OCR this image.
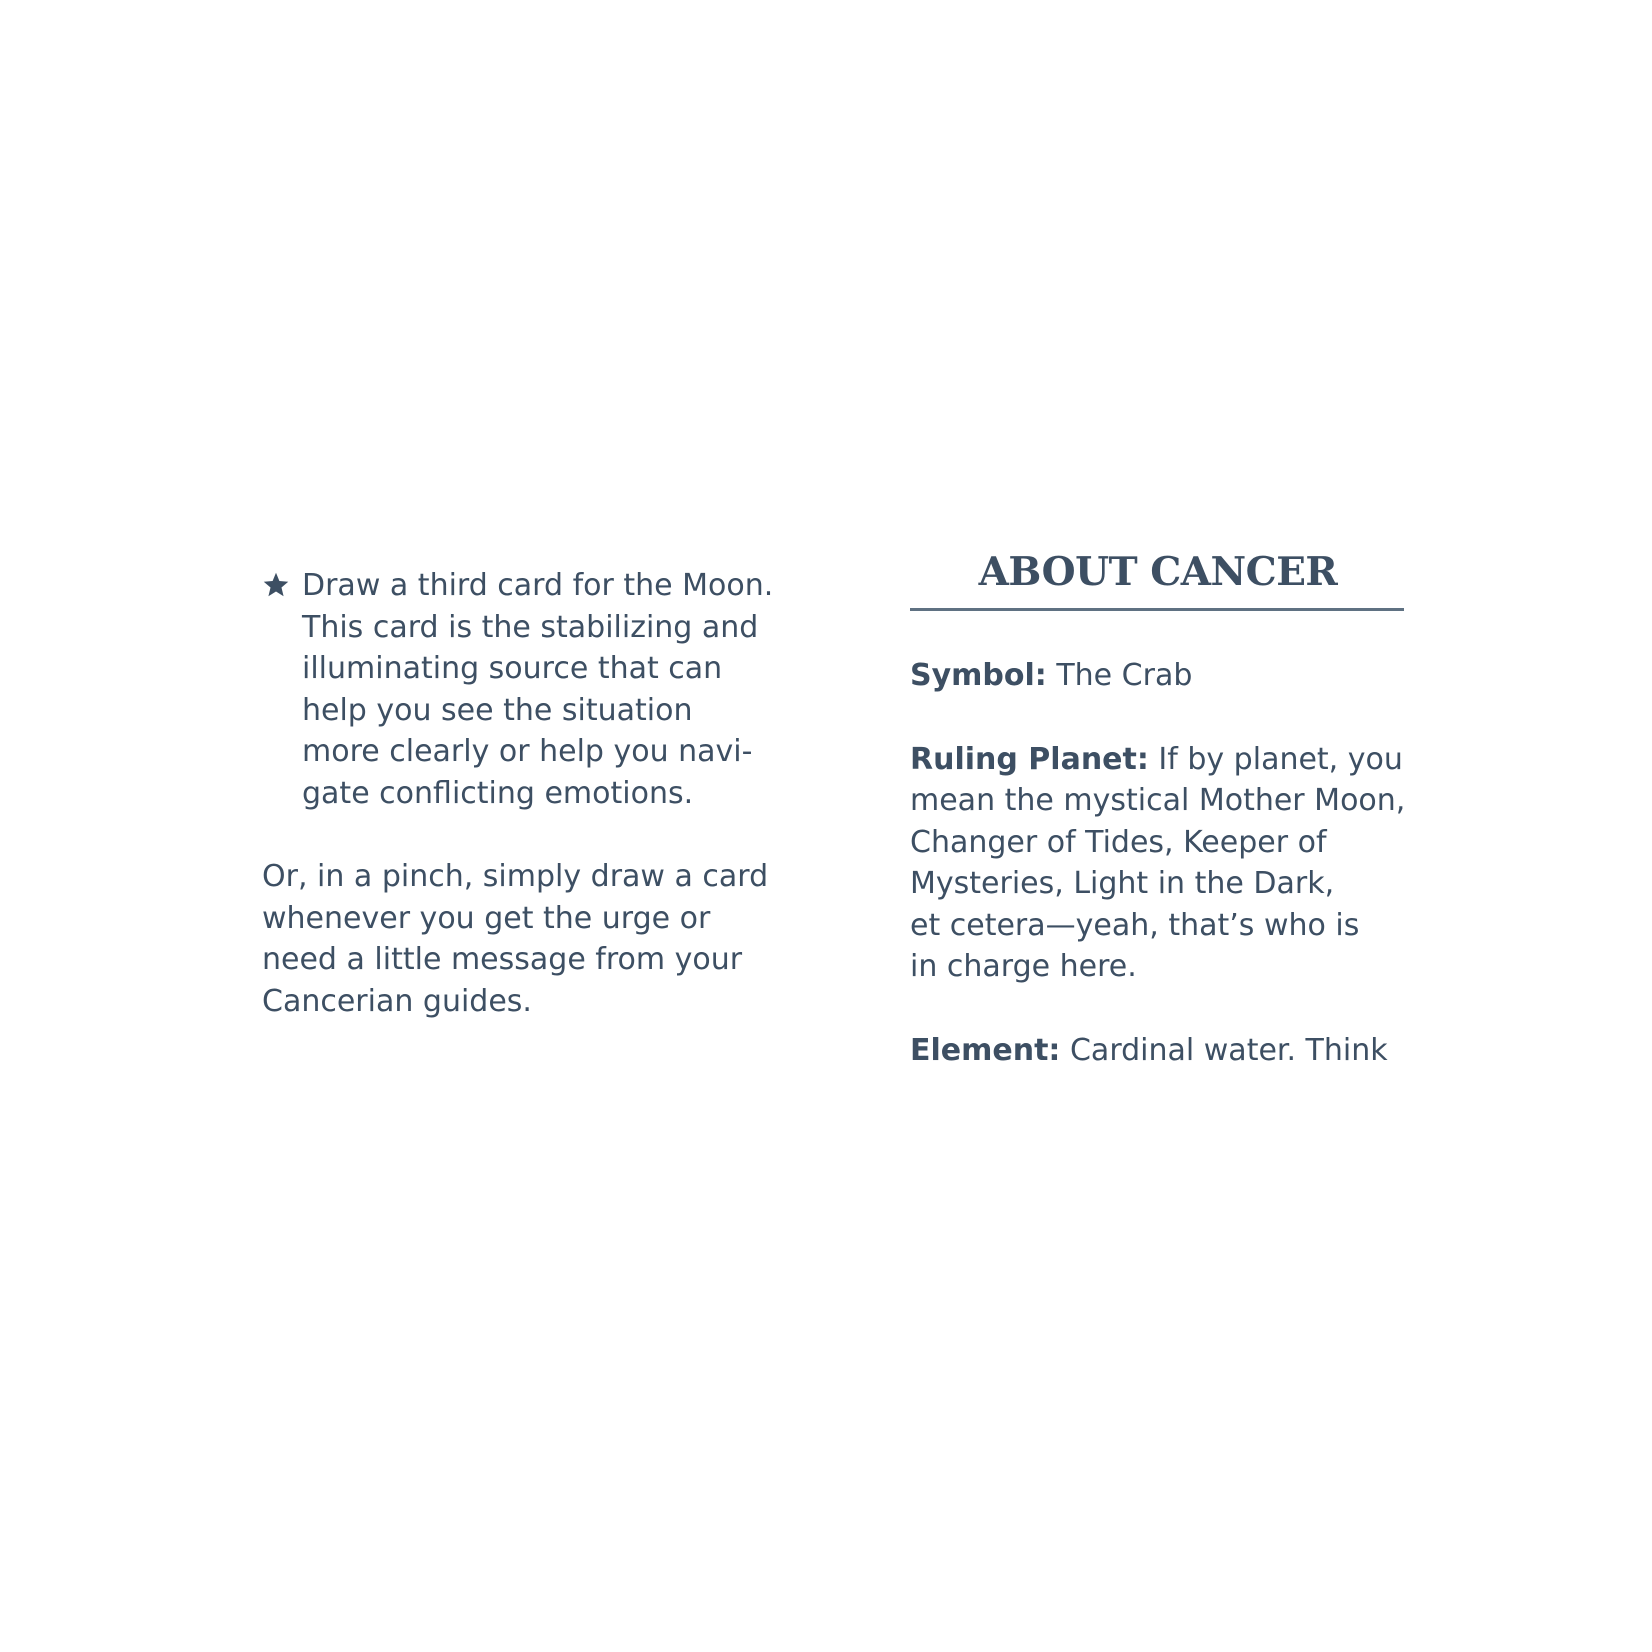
Draw a third card for the Moon.
This card is the stabilizing and
illuminating source that can
help you see the situation
more clearly or help you navi-
gate conflicting emotions.
Or, in a pinch, simply draw a card
whenever you get the urge or
need a little message from your
Cancerian guides.
ABOUT CANCER
Symbol: The Crab
Ruling Planet: If by planet, you
mean the mystical Mother Moon,
Changer of Tides, Keeper of
Mysteries, Light in the Dark,
et cetera—yeah, that’s who is
in charge here.
Element: Cardinal water. Think
